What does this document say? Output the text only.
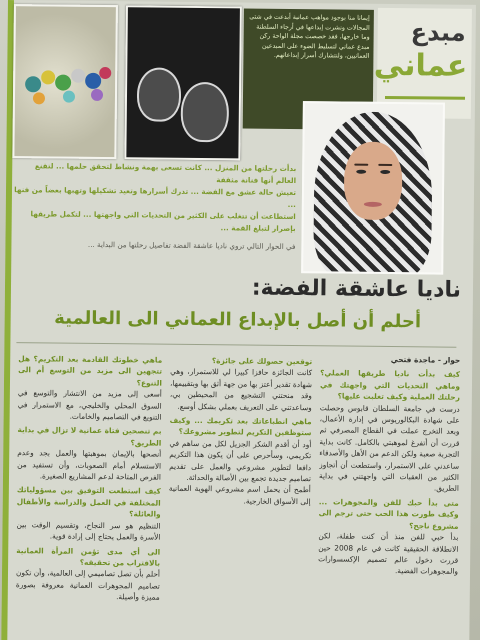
إيمانا منا بوجود مواهب عمانية أبدعت في شتى المجالات ونشرت إبداعها في أرجاء السلطنة وما خارجها، فقد خصصت مجلة الواحة ركن مبدع عماني لتسليط الضوء على المبدعين العمانيين، ولنتشارك أسرار إبداعاتهم.
مبدع
عماني
بدأت رحلتها من المنزل ... كانت تسعى بهمة ونشاط لتحقق حلمها ... لتقنع العالم أنها فنانة مثقفة
تعيش حالة عشق مع الفضة ... تدرك أسرارها وتعيد تشكيلها وتهبها بعضاً من فنها ...
استطاعت أن تتغلب على الكثير من التحديات التي واجهتها ... لتكمل طريقها بإصرار لتبلغ القمة ...
في الحوار التالي تروي ناديا عاشقة الفضة تفاصيل رحلتها من البداية ...
ناديا عاشقة الفضة:
أحلم أن أصل بالإبداع العماني الى العالمية
حوار - ماجدة فتحي
كيف بدأت ناديا طريقها العملي؟ وماهي التحديات التي واجهتك في رحلتك العملية وكيف تغلبت عليها؟
درست في جامعة السلطان قابوس وحصلت على شهادة البكالوريوس في إدارة الأعمال، وبعد التخرج عملت في القطاع المصرفي ثم قررت أن أتفرغ لموهبتي بالكامل. كانت بداية التجربة صعبة ولكن الدعم من الأهل والأصدقاء ساعدني على الاستمرار، واستطعت أن أتجاوز الكثير من العقبات التي واجهتني في بداية الطريق.
متى بدأ حبك للفن والمجوهرات ... وكيف طورت هذا الحب حتى ترجم الى مشروع ناجح؟
بدأ حبي للفن منذ أن كنت طفلة، لكن الانطلاقة الحقيقية كانت في عام 2008 حين قررت دخول عالم تصميم الإكسسوارات والمجوهرات الفضية.
توقعين حصولك على جائزة؟
كانت الجائزة حافزا كبيرا لي للاستمرار، وهي شهادة تقدير أعتز بها من جهة أثق بها وبتقييمها، وقد منحتني التشجيع من المحيطين بي، وساعدتني على التعريف بعملي بشكل أوسع.
ماهي انطباعاتك بعد تكريمك ... وكيف ستوظفين التكريم لتطوير مشروعك؟
أود أن أقدم الشكر الجزيل لكل من ساهم في تكريمي، وسأحرص على أن يكون هذا التكريم دافعا لتطوير مشروعي والعمل على تقديم تصاميم جديدة تجمع بين الأصالة والحداثة.
أطمح أن يحمل اسم مشروعي الهوية العمانية إلى الأسواق الخارجية.
ماهي خطوتك القادمة بعد التكريم؟ هل تتجهين الى مزيد من التوسع أم الى التنوع؟
أسعى إلى مزيد من الانتشار والتوسع في السوق المحلي والخليجي، مع الاستمرار في التنويع في التصاميم والخامات.
بم تنصحين فتاة عمانية لا تزال في بداية الطريق؟
أنصحها بالإيمان بموهبتها والعمل بجد وعدم الاستسلام أمام الصعوبات، وأن تستفيد من الفرص المتاحة لدعم المشاريع الصغيرة.
كيف استطعت التوفيق بين مسؤولياتك المختلفة في العمل والدراسة والأطفال والعائلة؟
التنظيم هو سر النجاح، وتقسيم الوقت بين الأسرة والعمل يحتاج إلى إرادة قوية.
الى أي مدى تؤمن المرأة العمانية بالاقتراب من تحقيقه؟
أحلم بأن تصل تصاميمي إلى العالمية، وأن تكون تصاميم المجوهرات العمانية معروفة بصورة مميزة وأصيلة.
